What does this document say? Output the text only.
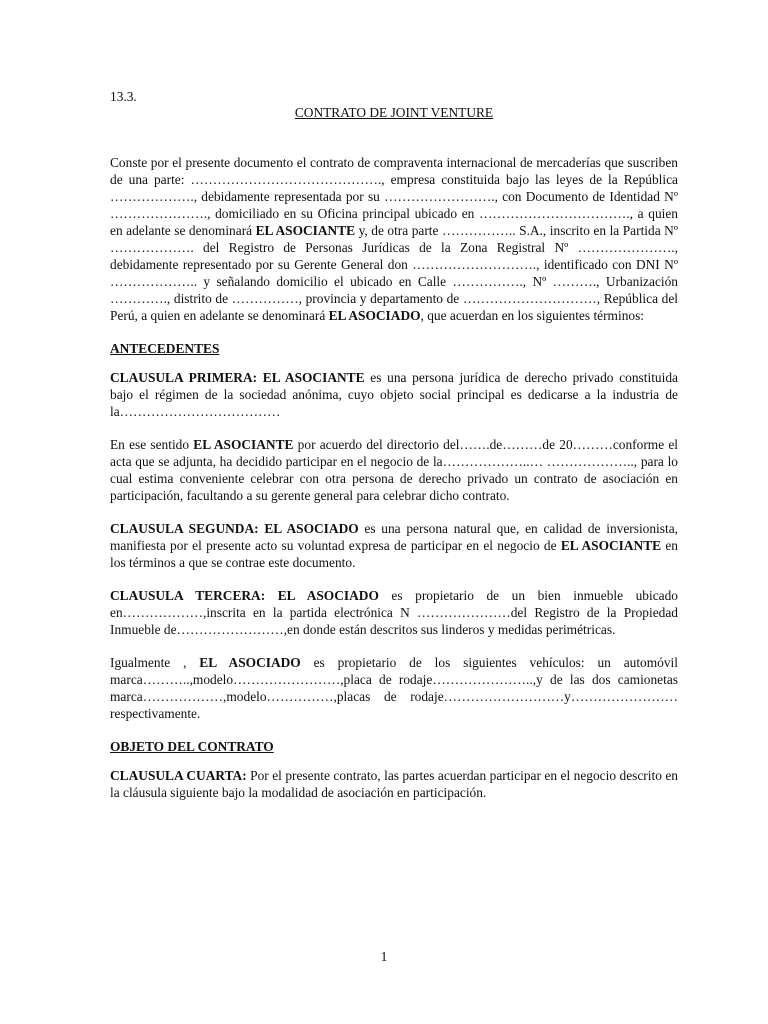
13.3.
CONTRATO DE JOINT VENTURE

Conste por el presente documento el contrato de compraventa internacional de mercaderías que suscriben de una parte: ……………………………………., empresa constituida bajo las leyes de la República ………………., debidamente representada por su ……………………., con Documento de Identidad Nº …………………., domiciliado en su Oficina principal ubicado en ……………………………., a quien en adelante se denominará EL ASOCIANTE y, de otra parte …………….. S.A., inscrito en la Partida Nº ………………. del Registro de Personas Jurídicas de la Zona Registral Nº …………………., debidamente representado por su Gerente General don ………………………., identificado con DNI Nº ……………….. y señalando domicilio el ubicado en Calle ……………., Nº ………., Urbanización …………., distrito de ……………, provincia y departamento de …………………………, República del Perú, a quien en adelante se denominará EL ASOCIADO, que acuerdan en los siguientes términos:

ANTECEDENTES

CLAUSULA PRIMERA: EL ASOCIANTE es una persona jurídica de derecho privado constituida bajo el régimen de la sociedad anónima, cuyo objeto social principal es dedicarse a la industria de la………………………………

En ese sentido EL ASOCIANTE por acuerdo del directorio del…….de………de 20………conforme el acta que se adjunta, ha decidido participar en el negocio de la………………..… ……………….., para lo cual estima conveniente celebrar con otra persona de derecho privado un contrato de asociación en participación, facultando a su gerente general para celebrar dicho contrato.

CLAUSULA SEGUNDA: EL ASOCIADO es una persona natural que, en calidad de inversionista, manifiesta por el presente acto su voluntad expresa de participar en el negocio de EL ASOCIANTE en los términos a que se contrae este documento.

CLAUSULA TERCERA: EL ASOCIADO es propietario de un bien inmueble ubicado en………………,inscrita en la partida electrónica N …………………del Registro de la Propiedad Inmueble de……………………,en donde están descritos sus linderos y medidas perimétricas.

Igualmente , EL ASOCIADO es propietario de los siguientes vehículos: un automóvil marca………..,modelo……………………,placa de rodaje…………………..,y de las dos camionetas marca………………,modelo……………,placas de rodaje………………………y……………………respectivamente.

OBJETO DEL CONTRATO

CLAUSULA CUARTA: Por el presente contrato, las partes acuerdan participar en el negocio descrito en la cláusula siguiente bajo la modalidad de asociación en participación.

1
